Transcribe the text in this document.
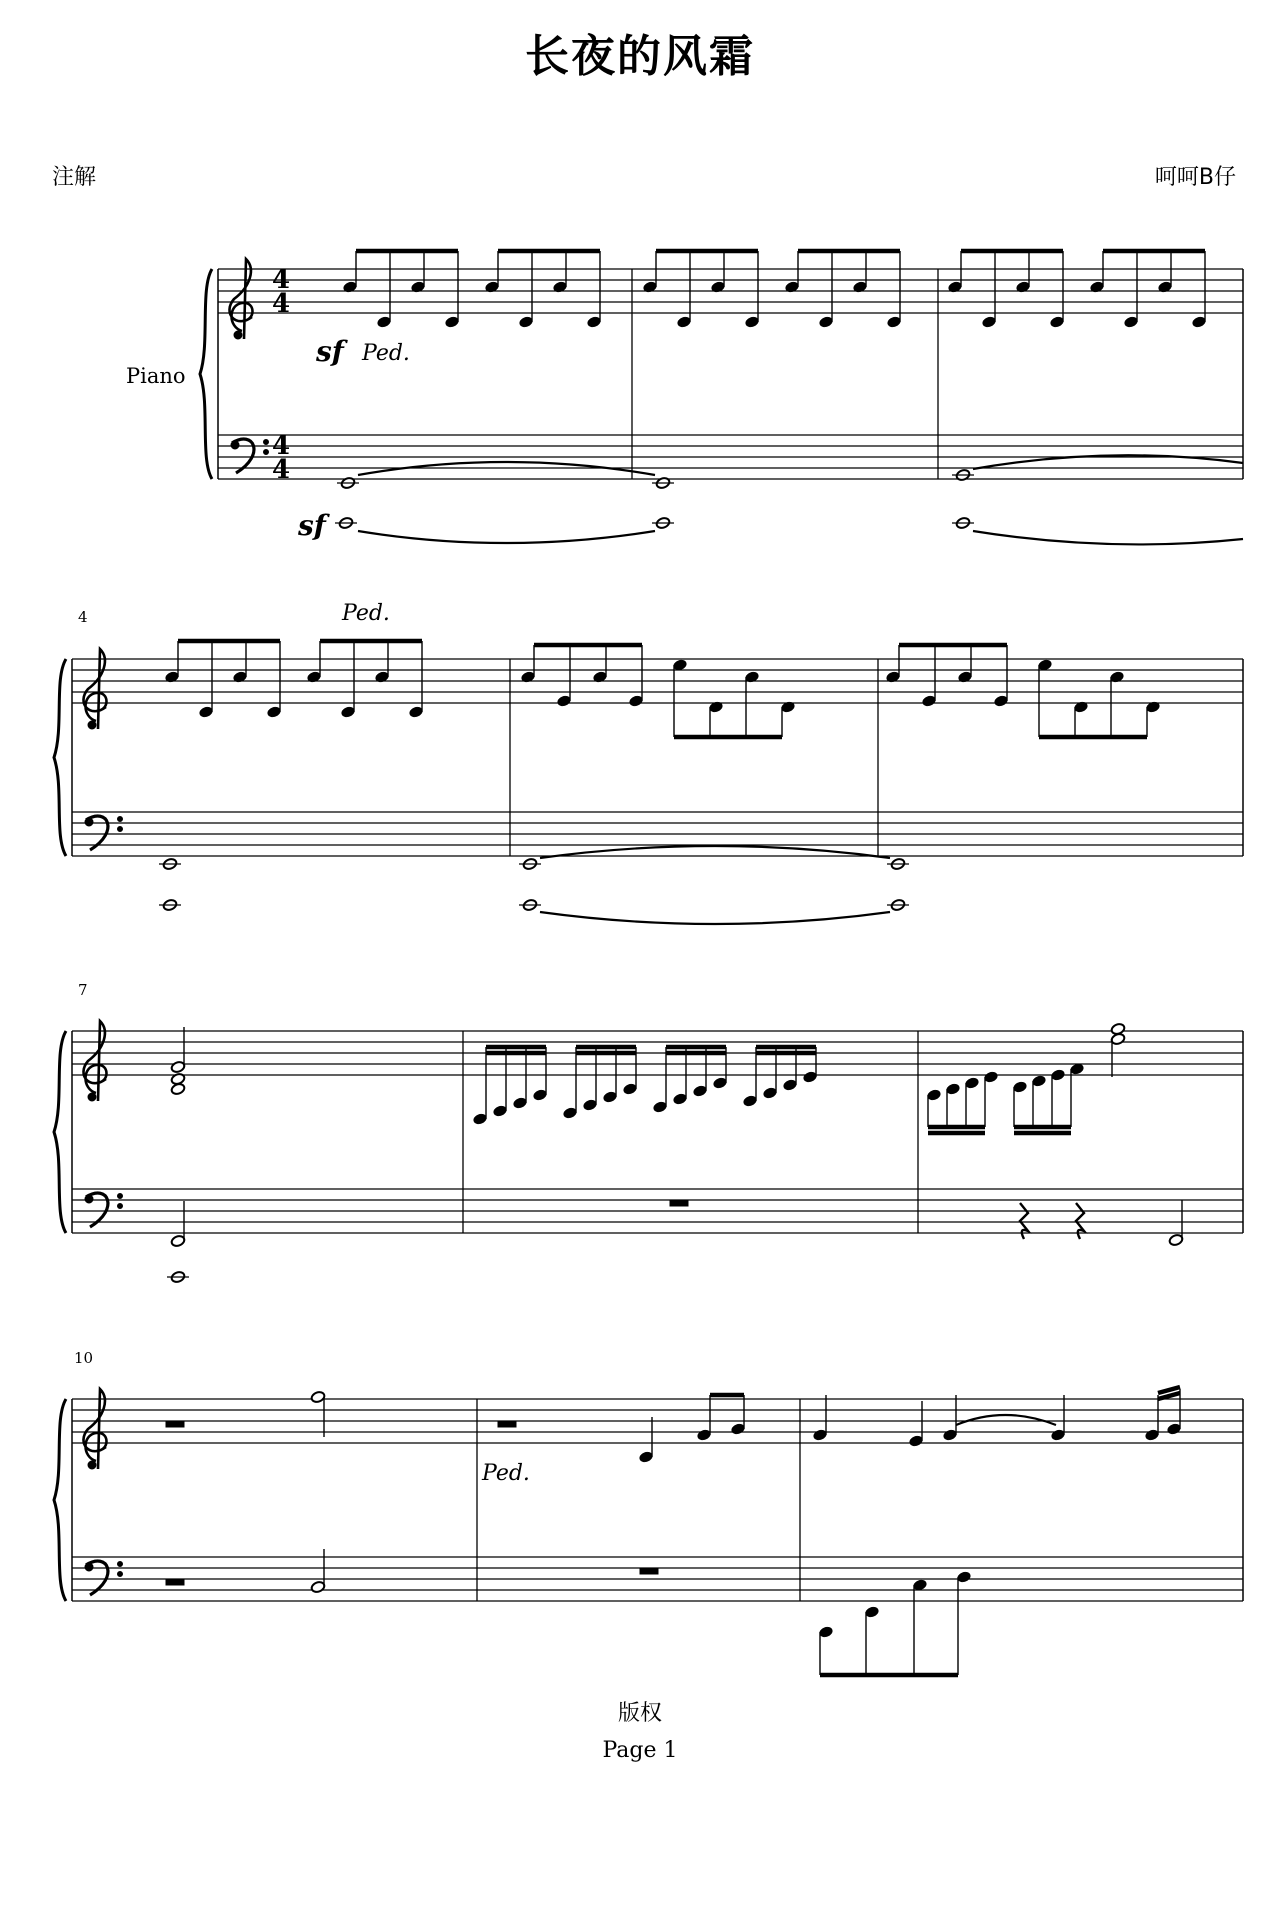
长夜的风霜
注解	呵呵B仔
Piano
4
4
4
4
sf
sf
Ped.
Ped.
Ped.
4
7
10
版权
Page 1
